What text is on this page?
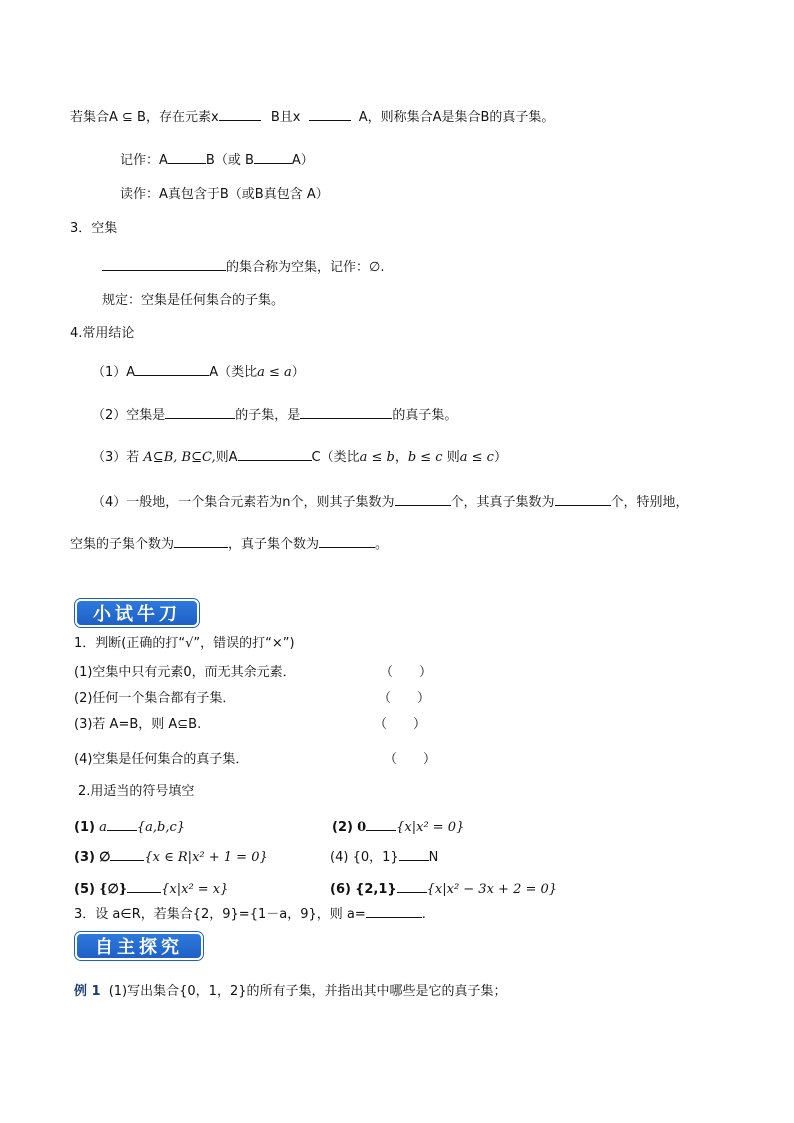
若集合A ⊆ B，存在元素x	B且x	A，则称集合A是集合B的真子集。
记作：A	B（或 B	A）
读作：A真包含于B（或B真包含 A）
3．空集
的集合称为空集，记作：∅.
规定：空集是任何集合的子集。
4.常用结论
（1）A	A（类比a ≤ a）
（2）空集是	的子集，是	的真子集。
（3）若 A⊆B, B⊆C,则A	C（类比a ≤ b，b ≤ c 则a ≤ c）
（4）一般地，一个集合元素若为n个，则其子集数为	个，其真子集数为	个，特别地，
空集的子集个数为	，真子集个数为	。
小试牛刀
1．判断(正确的打“√”，错误的打“×”)
(1)空集中只有元素0，而无其余元素．	（　　）
(2)任何一个集合都有子集．	（　　）
(3)若 A=B，则 A⊆B.	（　　）
(4)空集是任何集合的真子集．	（　　）
2.用适当的符号填空
(1) a {a,b,c}	(2) 0 {x|x² = 0}
(3) ∅	{x ∈ R|x² + 1 = 0}	(4) {0，1} N
(5) {∅}	{x|x² = x}	(6) {2,1} {x|x² − 3x + 2 = 0}
3．设 a∈R，若集合{2，9}={1－a，9}，则 a=	.
自主探究
例 1 (1)写出集合{0，1，2}的所有子集，并指出其中哪些是它的真子集；
